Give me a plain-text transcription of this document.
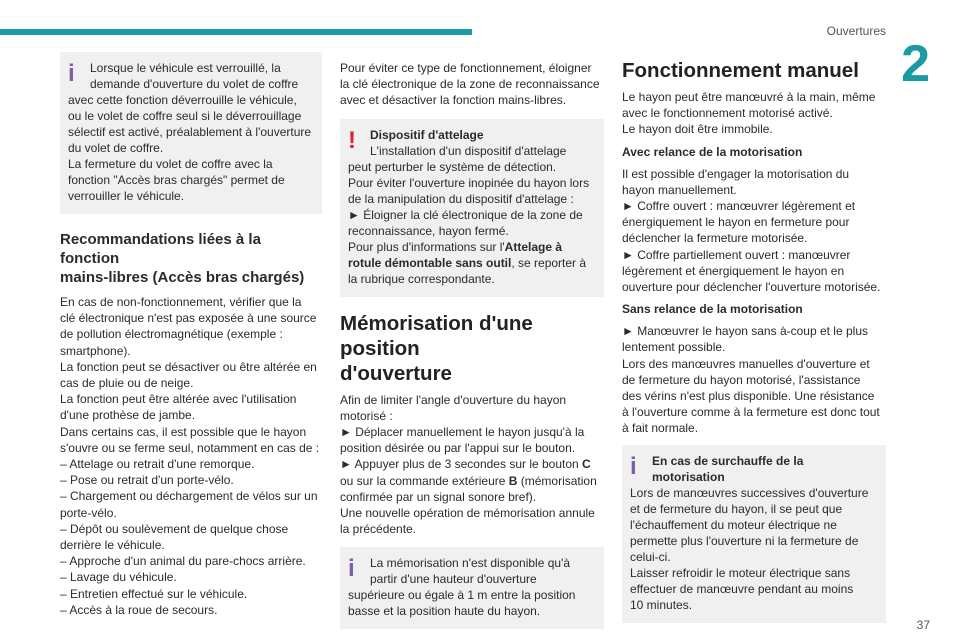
Ouvertures
2
37
i	Lorsque le véhicule est verrouillé, la
demande d'ouverture du volet de coffre
avec cette fonction déverrouille le véhicule,
ou le volet de coffre seul si le déverrouillage
sélectif est activé, préalablement à l'ouverture
du volet de coffre.
La fermeture du volet de coffre avec la
fonction "Accès bras chargés" permet de
verrouiller le véhicule.
Recommandations liées à la fonction
mains-libres (Accès bras chargés)

En cas de non-fonctionnement, vérifier que la
clé électronique n'est pas exposée à une source
de pollution électromagnétique (exemple :
smartphone).
La fonction peut se désactiver ou être altérée en
cas de pluie ou de neige.
La fonction peut être altérée avec l'utilisation
d'une prothèse de jambe.
Dans certains cas, il est possible que le hayon
s'ouvre ou se ferme seul, notamment en cas de :
– Attelage ou retrait d'une remorque.
– Pose ou retrait d'un porte-vélo.
– Chargement ou déchargement de vélos sur un
porte-vélo.
– Dépôt ou soulèvement de quelque chose
derrière le véhicule.
– Approche d'un animal du pare-chocs arrière.
– Lavage du véhicule.
– Entretien effectué sur le véhicule.
– Accès à la roue de secours.

Pour éviter ce type de fonctionnement, éloigner
la clé électronique de la zone de reconnaissance
avec et désactiver la fonction mains-libres.

!	Dispositif d'attelage
L'installation d'un dispositif d'attelage
peut perturber le système de détection.
Pour éviter l'ouverture inopinée du hayon lors
de la manipulation du dispositif d'attelage :
► Éloigner la clé électronique de la zone de
reconnaissance, hayon fermé.
Pour plus d'informations sur l'Attelage à
rotule démontable sans outil, se reporter à
la rubrique correspondante.
Mémorisation d'une position
d'ouverture

Afin de limiter l'angle d'ouverture du hayon
motorisé :
► Déplacer manuellement le hayon jusqu'à la
position désirée ou par l'appui sur le bouton.
► Appuyer plus de 3 secondes sur le bouton C
ou sur la commande extérieure B (mémorisation
confirmée par un signal sonore bref).
Une nouvelle opération de mémorisation annule
la précédente.

i	La mémorisation n'est disponible qu'à
partir d'une hauteur d'ouverture
supérieure ou égale à 1 m entre la position
basse et la position haute du hayon.
Fonctionnement manuel

Le hayon peut être manœuvré à la main, même
avec le fonctionnement motorisé activé.
Le hayon doit être immobile.

Avec relance de la motorisation

Il est possible d'engager la motorisation du
hayon manuellement.
► Coffre ouvert : manœuvrer légèrement et
énergiquement le hayon en fermeture pour
déclencher la fermeture motorisée.
► Coffre partiellement ouvert : manœuvrer
légèrement et énergiquement le hayon en
ouverture pour déclencher l'ouverture motorisée.

Sans relance de la motorisation

► Manœuvrer le hayon sans à-coup et le plus
lentement possible.
Lors des manœuvres manuelles d'ouverture et
de fermeture du hayon motorisé, l'assistance
des vérins n'est plus disponible. Une résistance
à l'ouverture comme à la fermeture est donc tout
à fait normale.

i	En cas de surchauffe de la
motorisation
Lors de manœuvres successives d'ouverture
et de fermeture du hayon, il se peut que
l'échauffement du moteur électrique ne
permette plus l'ouverture ni la fermeture de
celui-ci.
Laisser refroidir le moteur électrique sans
effectuer de manœuvre pendant au moins
10 minutes.
